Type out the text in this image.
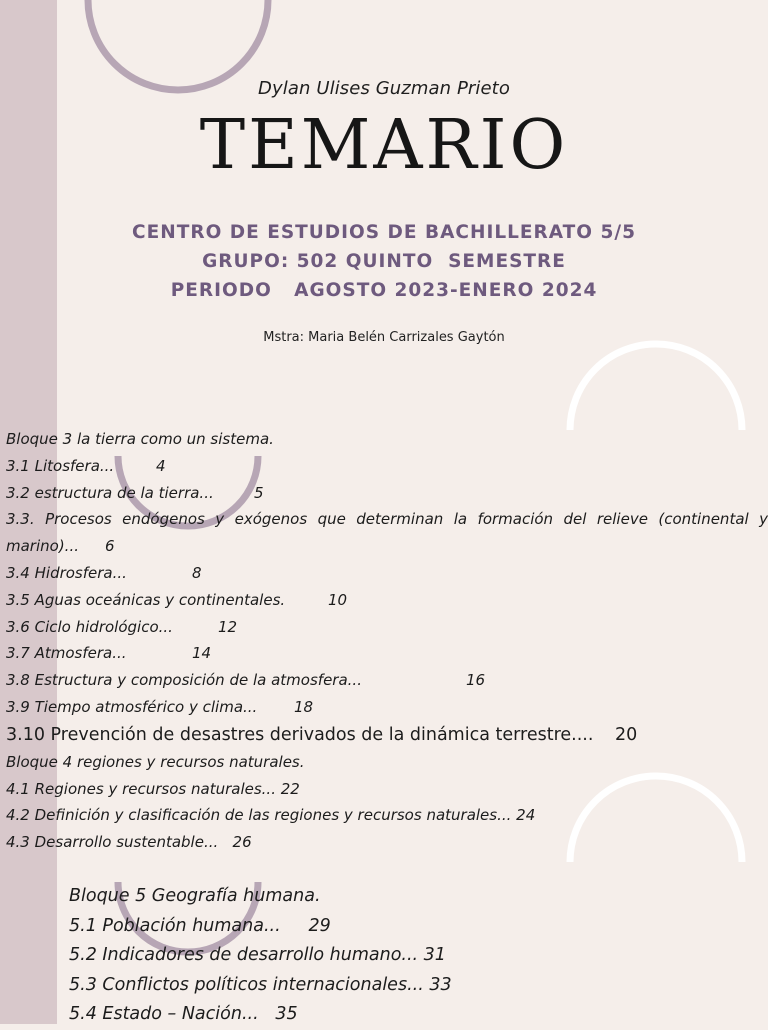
Dylan Ulises Guzman Prieto
TEMARIO
CENTRO DE ESTUDIOS DE BACHILLERATO 5/5
GRUPO: 502 QUINTO  SEMESTRE
PERIODO   AGOSTO 2023-ENERO 2024
Mstra: Maria Belén Carrizales Gaytón
Bloque 3 la tierra como un sistema.
3.1 Litosfera...	4
3.2 estructura de la tierra...	5
3.3. Procesos endógenos y exógenos que determinan la formación del relieve (continental y
marino)... 6
3.4 Hidrosfera...	8
3.5 Aguas oceánicas y continentales.	10
3.6 Ciclo hidrológico...	12
3.7 Atmosfera...	14
3.8 Estructura y composición de la atmosfera...	16
3.9 Tiempo atmosférico y clima... 18
3.10 Prevención de desastres derivados de la dinámica terrestre.... 20
Bloque 4 regiones y recursos naturales.
4.1 Regiones y recursos naturales... 22
4.2 Definición y clasificación de las regiones y recursos naturales... 24
4.3 Desarrollo sustentable...   26
Bloque 5 Geografía humana.
5.1 Población humana...     29
5.2 Indicadores de desarrollo humano... 31
5.3 Conflictos políticos internacionales... 33
5.4 Estado – Nación...   35
